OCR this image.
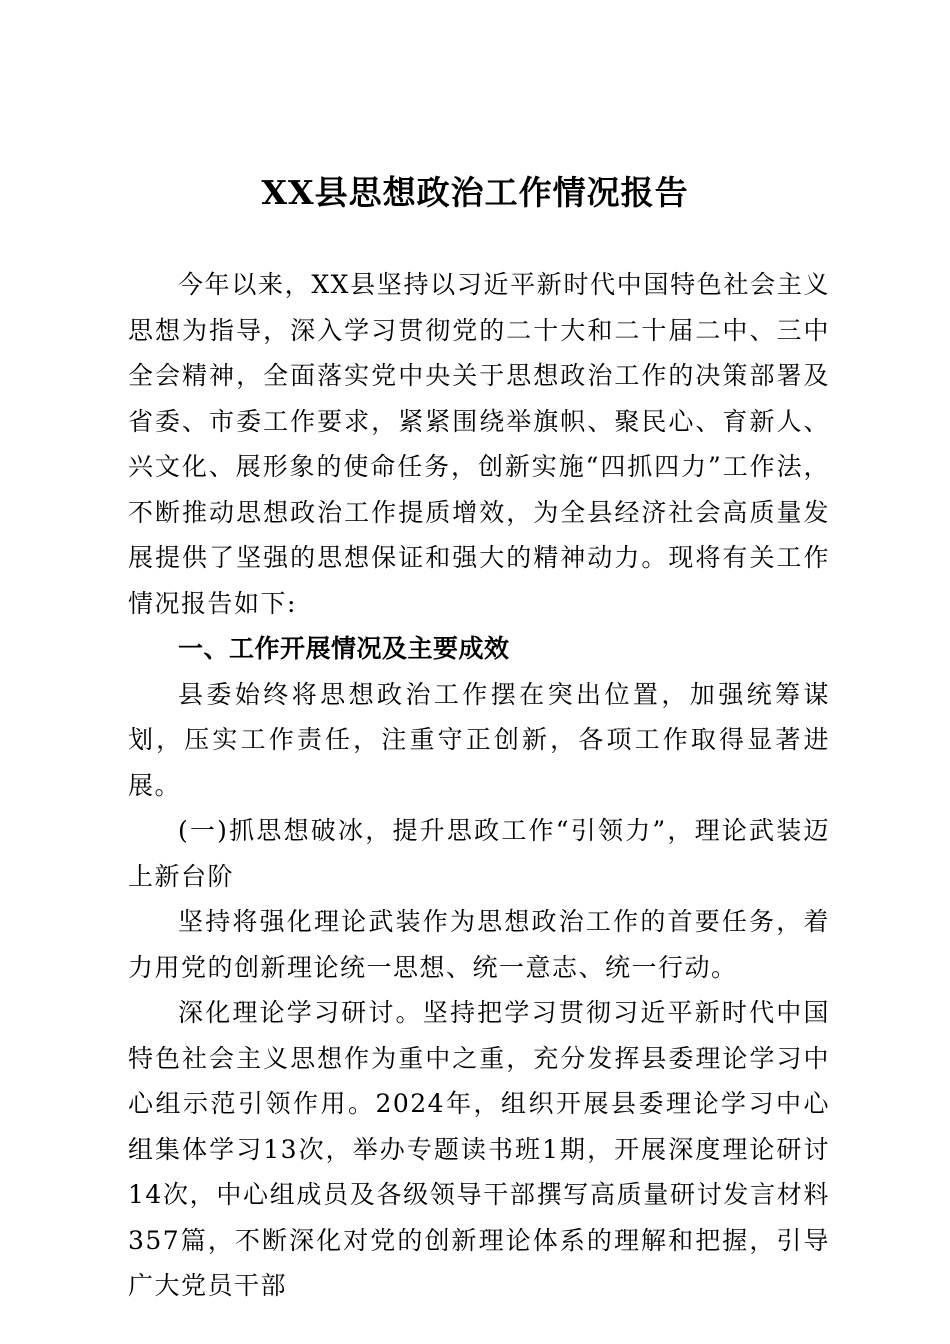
XX县思想政治工作情况报告

今年以来，XX县坚持以习近平新时代中国特色社会主义思想为指导，深入学习贯彻党的二十大和二十届二中、三中全会精神，全面落实党中央关于思想政治工作的决策部署及省委、市委工作要求，紧紧围绕举旗帜、聚民心、育新人、兴文化、展形象的使命任务，创新实施“四抓四力”工作法，不断推动思想政治工作提质增效，为全县经济社会高质量发展提供了坚强的思想保证和强大的精神动力。现将有关工作情况报告如下:

一、工作开展情况及主要成效

县委始终将思想政治工作摆在突出位置，加强统筹谋划，压实工作责任，注重守正创新，各项工作取得显著进展。

(一)抓思想破冰，提升思政工作“引领力”，理论武装迈上新台阶

坚持将强化理论武装作为思想政治工作的首要任务，着力用党的创新理论统一思想、统一意志、统一行动。

深化理论学习研讨。坚持把学习贯彻习近平新时代中国特色社会主义思想作为重中之重，充分发挥县委理论学习中心组示范引领作用。2024年，组织开展县委理论学习中心组集体学习13次，举办专题读书班1期，开展深度理论研讨14次，中心组成员及各级领导干部撰写高质量研讨发言材料357篇，不断深化对党的创新理论体系的理解和把握，引导广大党员干部
